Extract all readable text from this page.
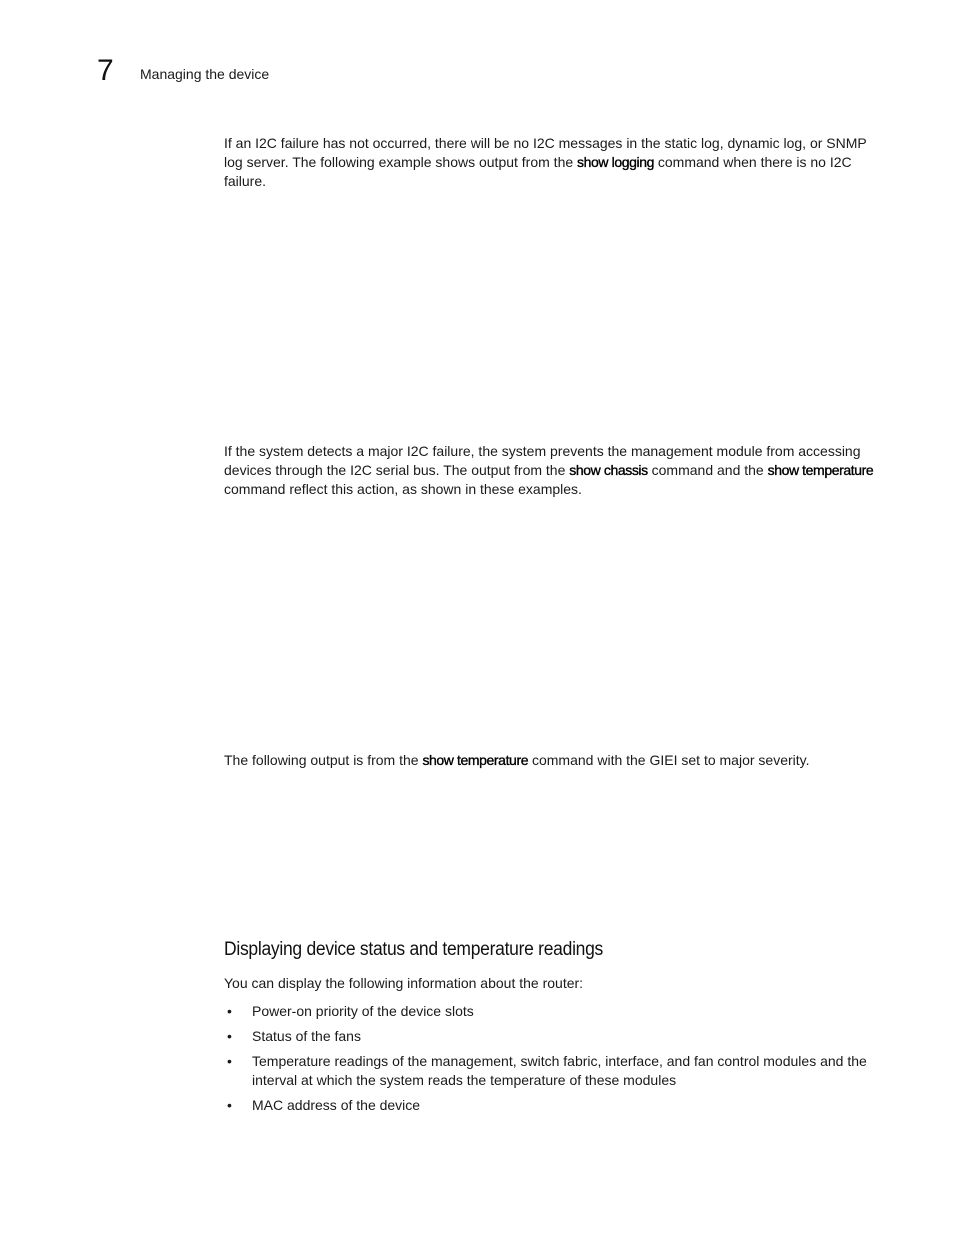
7 Managing the device

If an I2C failure has not occurred, there will be no I2C messages in the static log, dynamic log, or SNMP log server. The following example shows output from the show logging command when there is no I2C failure.

If the system detects a major I2C failure, the system prevents the management module from accessing devices through the I2C serial bus. The output from the show chassis command and the show temperature command reflect this action, as shown in these examples.

The following output is from the show temperature command with the GIEI set to major severity.

Displaying device status and temperature readings

You can display the following information about the router:

• Power-on priority of the device slots
• Status of the fans
• Temperature readings of the management, switch fabric, interface, and fan control modules and the interval at which the system reads the temperature of these modules
• MAC address of the device
